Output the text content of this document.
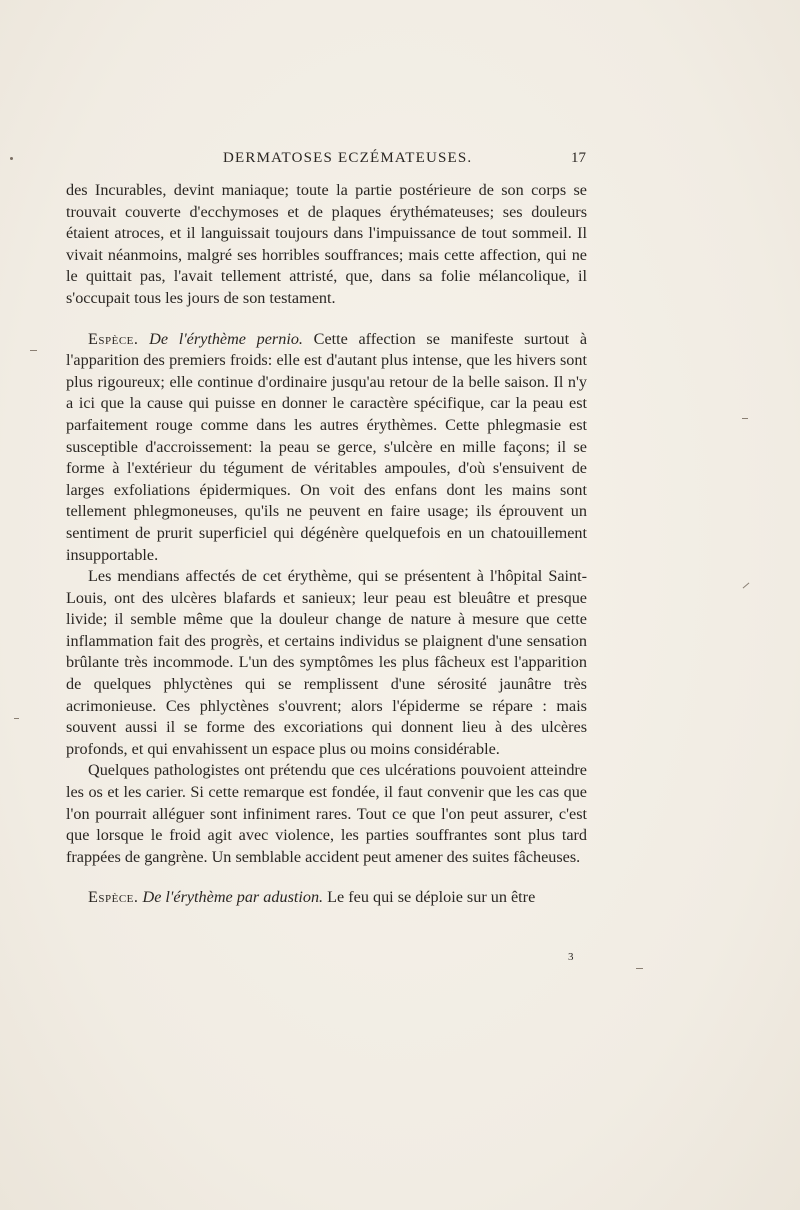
DERMATOSES ECZÉMATEUSES.	17

des Incurables, devint maniaque; toute la partie postérieure de son corps se trouvait couverte d'ecchymoses et de plaques érythémateuses; ses douleurs étaient atroces, et il languissait toujours dans l'impuissance de tout sommeil. Il vivait néanmoins, malgré ses horribles souffrances; mais cette affection, qui ne le quittait pas, l'avait tellement attristé, que, dans sa folie mélancolique, il s'occupait tous les jours de son testament.

Espèce. De l'érythème pernio. Cette affection se manifeste surtout à l'apparition des premiers froids: elle est d'autant plus intense, que les hivers sont plus rigoureux; elle continue d'ordinaire jusqu'au retour de la belle saison. Il n'y a ici que la cause qui puisse en donner le caractère spécifique, car la peau est parfaitement rouge comme dans les autres érythèmes. Cette phlegmasie est susceptible d'accroissement: la peau se gerce, s'ulcère en mille façons; il se forme à l'extérieur du tégument de véritables ampoules, d'où s'ensuivent de larges exfoliations épidermiques. On voit des enfans dont les mains sont tellement phlegmoneuses, qu'ils ne peuvent en faire usage; ils éprouvent un sentiment de prurit superficiel qui dégénère quelquefois en un chatouillement insupportable.

Les mendians affectés de cet érythème, qui se présentent à l'hôpital Saint-Louis, ont des ulcères blafards et sanieux; leur peau est bleuâtre et presque livide; il semble même que la douleur change de nature à mesure que cette inflammation fait des progrès, et certains individus se plaignent d'une sensation brûlante très incommode. L'un des symptômes les plus fâcheux est l'apparition de quelques phlyctènes qui se remplissent d'une sérosité jaunâtre très acrimonieuse. Ces phlyctènes s'ouvrent; alors l'épiderme se répare : mais souvent aussi il se forme des excoriations qui donnent lieu à des ulcères profonds, et qui envahissent un espace plus ou moins considérable.

Quelques pathologistes ont prétendu que ces ulcérations pouvoient atteindre les os et les carier. Si cette remarque est fondée, il faut convenir que les cas que l'on pourrait alléguer sont infiniment rares. Tout ce que l'on peut assurer, c'est que lorsque le froid agit avec violence, les parties souffrantes sont plus tard frappées de gangrène. Un semblable accident peut amener des suites fâcheuses.

Espèce. De l'érythème par adustion. Le feu qui se déploie sur un être

3
